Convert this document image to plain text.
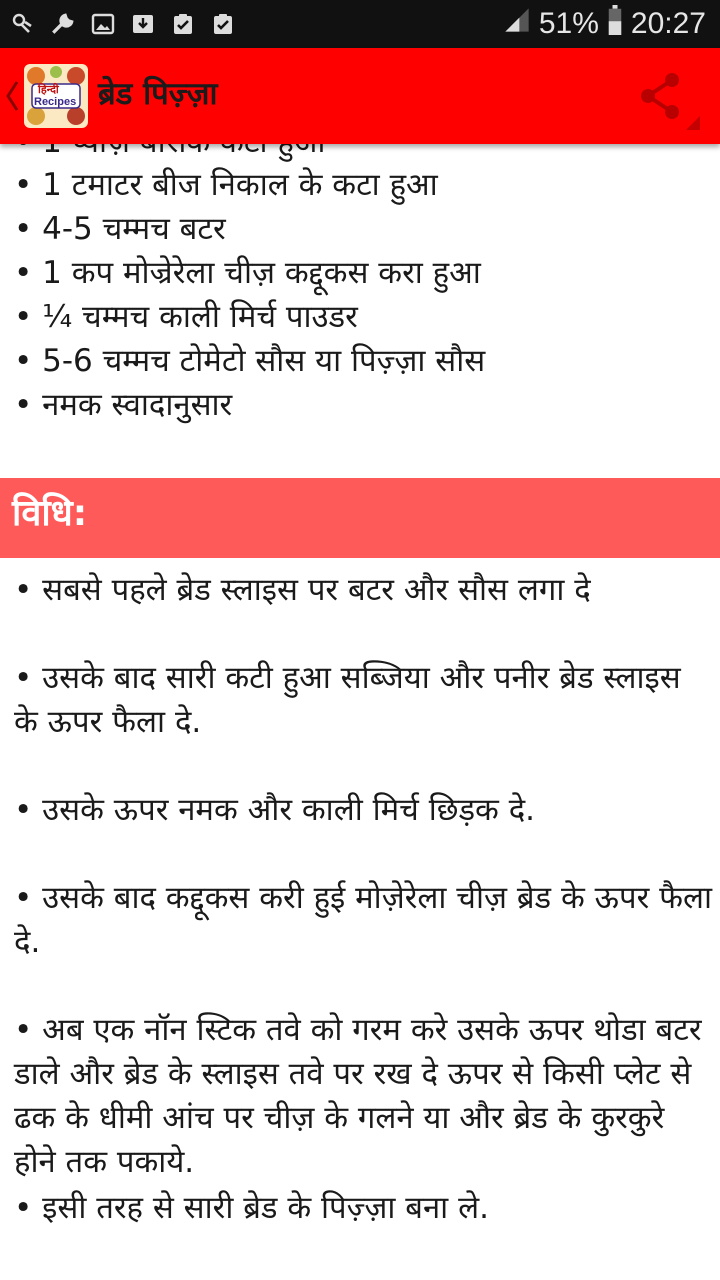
51% 20:27
हिन्दी
Recipes ब्रेड पिज़्ज़ा
• 1 टमाटर बीज निकाल के कटा हुआ
• 4-5 चम्मच बटर
• 1 कप मोज्रेरेला चीज़ कद्दूकस करा हुआ
• ¼ चम्मच काली मिर्च पाउडर
• 5-6 चम्मच टोमेटो सौस या पिज़्ज़ा सौस
• नमक स्वादानुसार
विधि:
• सबसे पहले ब्रेड स्लाइस पर बटर और सौस लगा दे
• उसके बाद सारी कटी हुआ सब्जिया और पनीर ब्रेड स्लाइस के ऊपर फैला दे.
• उसके ऊपर नमक और काली मिर्च छिड़क दे.
• उसके बाद कद्दूकस करी हुई मोज़ेरेला चीज़ ब्रेड के ऊपर फैला दे.
• अब एक नॉन स्टिक तवे को गरम करे उसके ऊपर थोडा बटर डाले और ब्रेड के स्लाइस तवे पर रख दे ऊपर से किसी प्लेट से ढक के धीमी आंच पर चीज़ के गलने या और ब्रेड के कुरकुरे होने तक पकाये.
• इसी तरह से सारी ब्रेड के पिज़्ज़ा बना ले.
